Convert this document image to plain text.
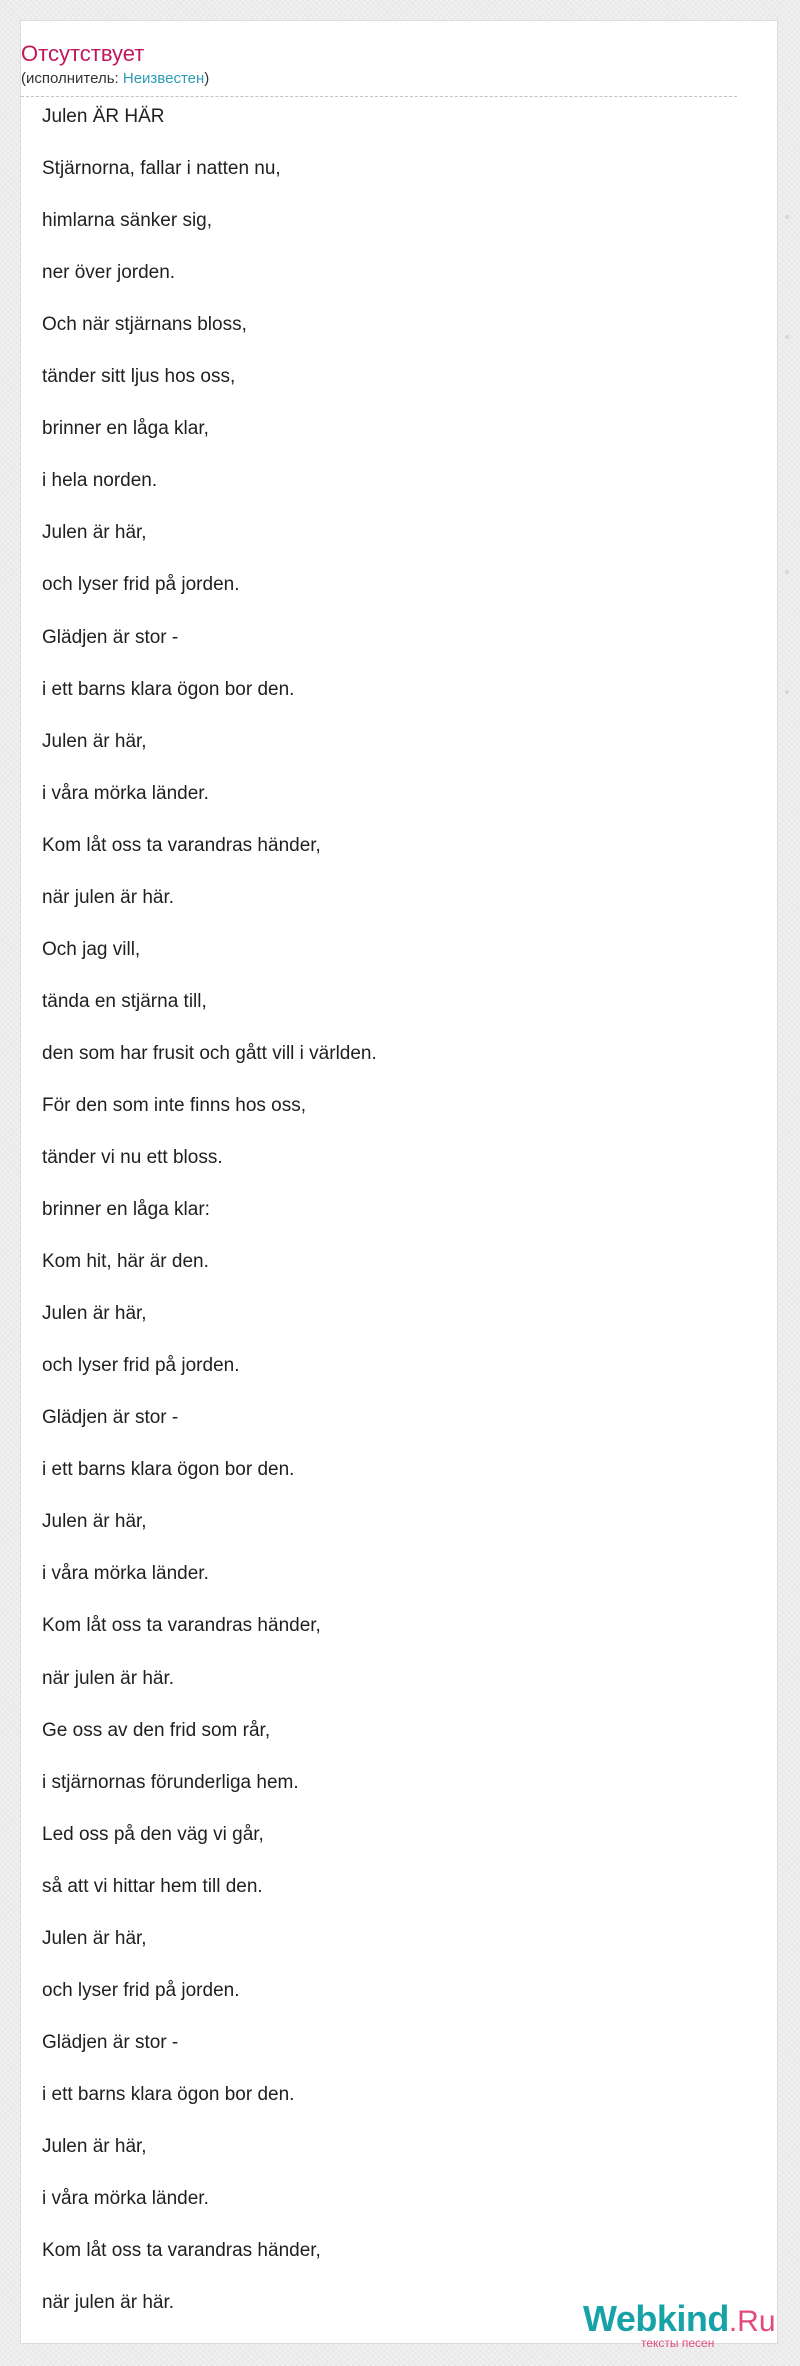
Отсутствует
(исполнитель: Неизвестен)
Julen ÄR HÄR
Stjärnorna, fallar i natten nu,
himlarna sänker sig,
ner över jorden.
Och när stjärnans bloss,
tänder sitt ljus hos oss,
brinner en låga klar,
i hela norden.
Julen är här,
och lyser frid på jorden.
Glädjen är stor -
i ett barns klara ögon bor den.
Julen är här,
i våra mörka länder.
Kom låt oss ta varandras händer,
när julen är här.
Och jag vill,
tända en stjärna till,
den som har frusit och gått vill i världen.
För den som inte finns hos oss,
tänder vi nu ett bloss.
brinner en låga klar:
Kom hit, här är den.
Julen är här,
och lyser frid på jorden.
Glädjen är stor -
i ett barns klara ögon bor den.
Julen är här,
i våra mörka länder.
Kom låt oss ta varandras händer,
när julen är här.
Ge oss av den frid som rår,
i stjärnornas förunderliga hem.
Led oss på den väg vi går,
så att vi hittar hem till den.
Julen är här,
och lyser frid på jorden.
Glädjen är stor -
i ett barns klara ögon bor den.
Julen är här,
i våra mörka länder.
Kom låt oss ta varandras händer,
när julen är här.	Webkind.Ru
тексты песен
